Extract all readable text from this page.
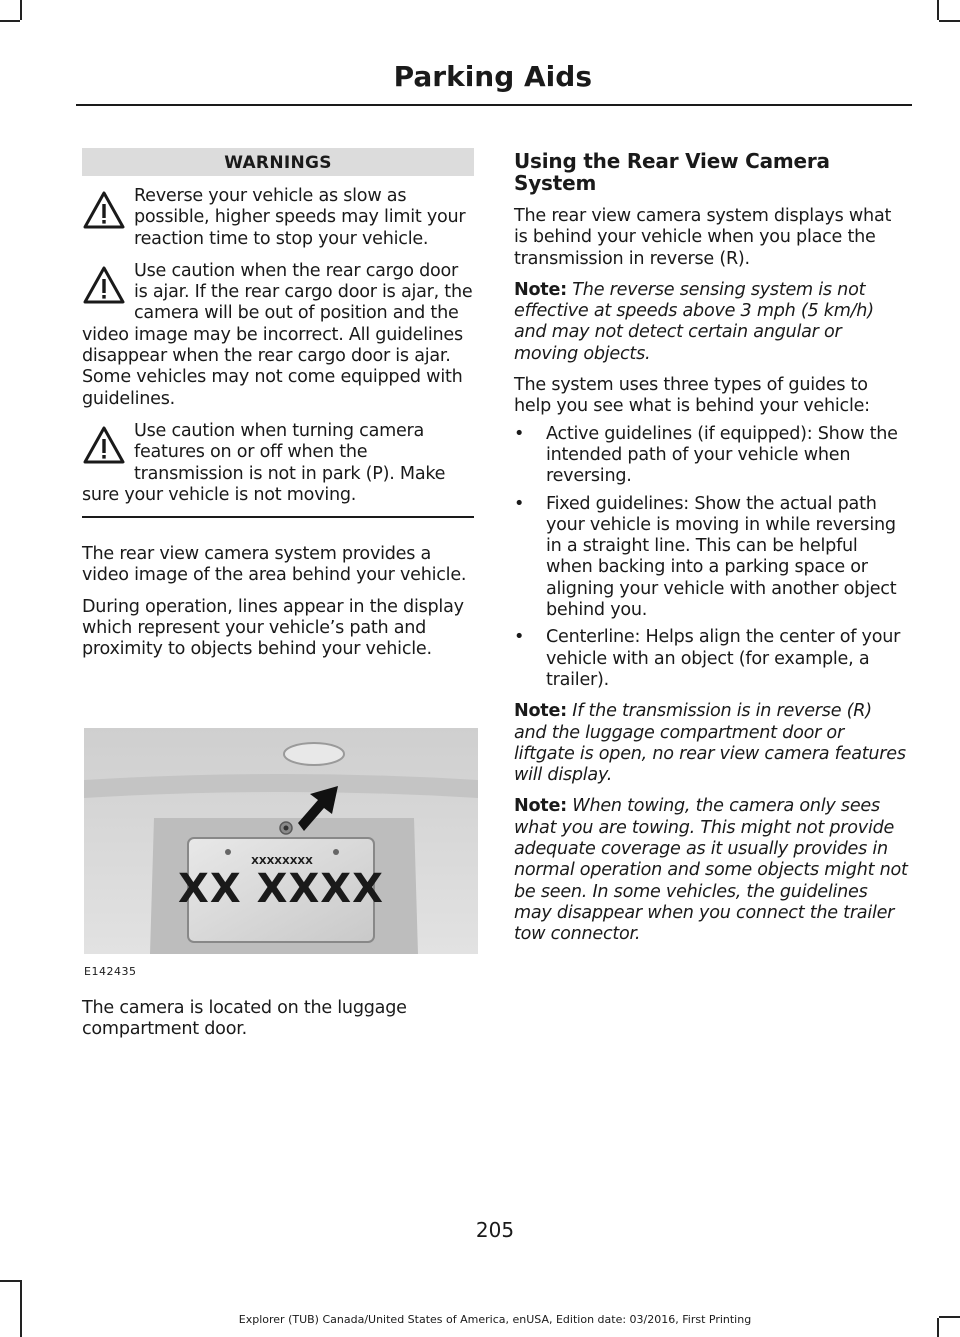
Parking Aids
WARNINGS

Reverse your vehicle as slow as possible, higher speeds may limit your reaction time to stop your vehicle.

Use caution when the rear cargo door is ajar. If the rear cargo door is ajar, the camera will be out of position and the video image may be incorrect. All guidelines disappear when the rear cargo door is ajar. Some vehicles may not come equipped with guidelines.

Use caution when turning camera features on or off when the transmission is not in park (P). Make sure your vehicle is not moving.

The rear view camera system provides a video image of the area behind your vehicle.

During operation, lines appear in the display which represent your vehicle’s path and proximity to objects behind your vehicle.

XXXXXXXX
XX XXXX
E142435
The camera is located on the luggage compartment door.
Using the Rear View Camera System

The rear view camera system displays what is behind your vehicle when you place the transmission in reverse (R).

Note: The reverse sensing system is not effective at speeds above 3 mph (5 km/h) and may not detect certain angular or moving objects.

The system uses three types of guides to help you see what is behind your vehicle:

• Active guidelines (if equipped): Show the intended path of your vehicle when reversing.
• Fixed guidelines: Show the actual path your vehicle is moving in while reversing in a straight line. This can be helpful when backing into a parking space or aligning your vehicle with another object behind you.
• Centerline: Helps align the center of your vehicle with an object (for example, a trailer).

Note: If the transmission is in reverse (R) and the luggage compartment door or liftgate is open, no rear view camera features will display.

Note: When towing, the camera only sees what you are towing. This might not provide adequate coverage as it usually provides in normal operation and some objects might not be seen. In some vehicles, the guidelines may disappear when you connect the trailer tow connector.

205
Explorer (TUB) Canada/United States of America, enUSA, Edition date: 03/2016, First Printing
